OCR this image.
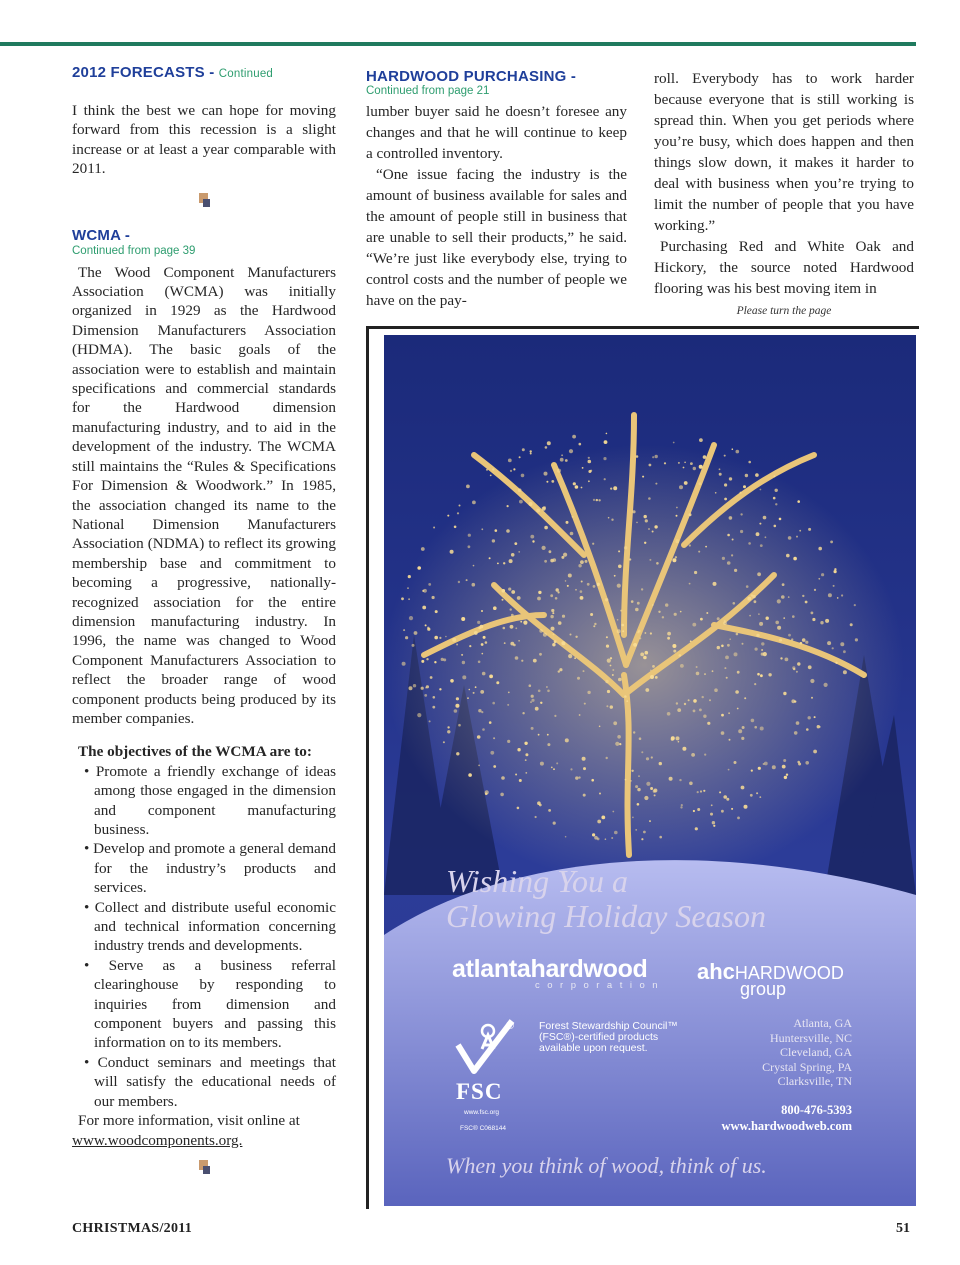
2012 FORECASTS - Continued
I think the best we can hope for moving forward from this recession is a slight increase or at least a year comparable with 2011.
WCMA -
Continued from page 39
The Wood Component Manufacturers Association (WCMA) was initially organized in 1929 as the Hardwood Dimension Manufacturers Association (HDMA). The basic goals of the association were to establish and maintain specifications and commercial standards for the Hardwood dimension manufacturing industry, and to aid in the development of the industry. The WCMA still maintains the “Rules & Specifications For Dimension & Woodwork.” In 1985, the association changed its name to the National Dimension Manufacturers Association (NDMA) to reflect its growing membership base and commitment to becoming a progressive, nationally-recognized association for the entire dimension manufacturing industry. In 1996, the name was changed to Wood Component Manufacturers Association to reflect the broader range of wood component products being produced by its member companies.
The objectives of the WCMA are to:
• Promote a friendly exchange of ideas among those engaged in the dimension and component manufacturing business.
• Develop and promote a general demand for the industry’s products and services.
• Collect and distribute useful economic and technical information concerning industry trends and developments.
• Serve as a business referral clearinghouse by responding to inquiries from dimension and component buyers and passing this information on to its members.
• Conduct seminars and meetings that will satisfy the educational needs of our members.
For more information, visit online at
www.woodcomponents.org.
HARDWOOD PURCHASING -
Continued from page 21

lumber buyer said he doesn’t foresee any changes and that he will continue to keep a controlled inventory.

“One issue facing the industry is the amount of business available for sales and the amount of people still in business that are unable to sell their products,” he said. “We’re just like everybody else, trying to control costs and the number of people we have on the pay-

roll. Everybody has to work harder because everyone that is still working is spread thin. When you get periods where you’re busy, which does happen and then things slow down, it makes it harder to deal with business when you’re trying to limit the number of people that you have working.”

Purchasing Red and White Oak and Hickory, the source noted Hardwood flooring was his best moving item in

Please turn the page
Wishing You a
Glowing Holiday Season
atlantahardwood
corporation
ahcHARDWOOD
group
® Forest Stewardship Council™ (FSC®)-certified products available upon request.
FSC
www.fsc.org
FSC® C068144
Atlanta, GA
Huntersville, NC
Cleveland, GA
Crystal Spring, PA
Clarksville, TN
800-476-5393
www.hardwoodweb.com
When you think of wood, think of us.
CHRISTMAS/2011	51
